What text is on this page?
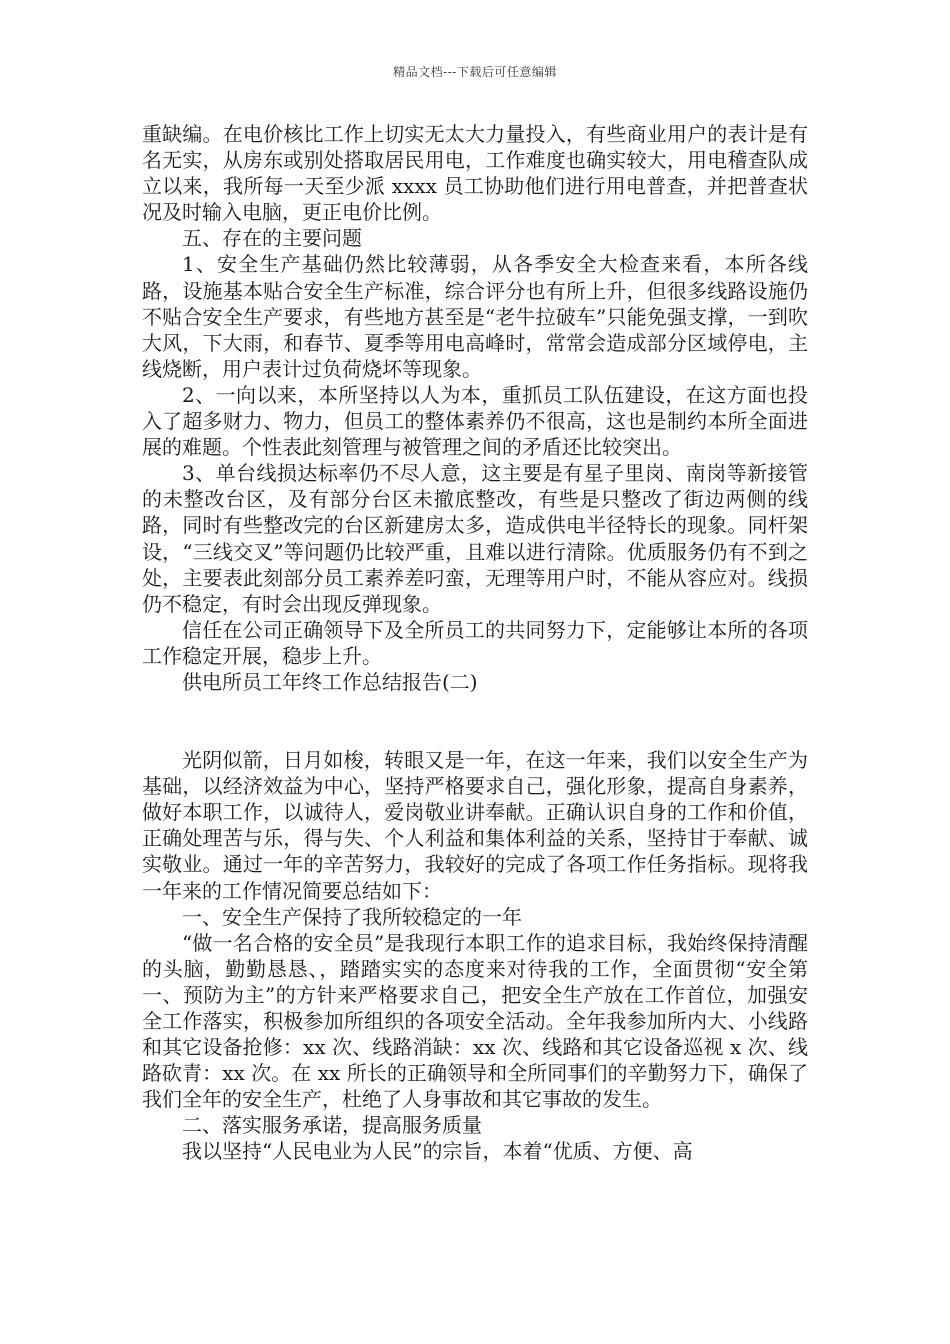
精品文档---下载后可任意编辑

重缺编。在电价核比工作上切实无太大力量投入，有些商业用户的表计是有名无实，从房东或别处搭取居民用电，工作难度也确实较大，用电稽查队成立以来，我所每一天至少派 xxxx 员工协助他们进行用电普查，并把普查状况及时输入电脑，更正电价比例。

五、存在的主要问题

1、安全生产基础仍然比较薄弱，从各季安全大检查来看，本所各线路，设施基本贴合安全生产标准，综合评分也有所上升，但很多线路设施仍不贴合安全生产要求，有些地方甚至是“老牛拉破车”只能免强支撑，一到吹大风，下大雨，和春节、夏季等用电高峰时，常常会造成部分区域停电，主线烧断，用户表计过负荷烧坏等现象。

2、一向以来，本所坚持以人为本，重抓员工队伍建设，在这方面也投入了超多财力、物力，但员工的整体素养仍不很高，这也是制约本所全面进展的难题。个性表此刻管理与被管理之间的矛盾还比较突出。

3、单台线损达标率仍不尽人意，这主要是有星子里岗、南岗等新接管的未整改台区，及有部分台区未撤底整改，有些是只整改了街边两侧的线路，同时有些整改完的台区新建房太多，造成供电半径特长的现象。同杆架设，“三线交叉”等问题仍比较严重，且难以进行清除。优质服务仍有不到之处，主要表此刻部分员工素养差叼蛮，无理等用户时，不能从容应对。线损仍不稳定，有时会出现反弹现象。

信任在公司正确领导下及全所员工的共同努力下，定能够让本所的各项工作稳定开展，稳步上升。

供电所员工年终工作总结报告(二)

光阴似箭，日月如梭，转眼又是一年，在这一年来，我们以安全生产为基础，以经济效益为中心，坚持严格要求自己，强化形象，提高自身素养，做好本职工作，以诚待人，爱岗敬业讲奉献。正确认识自身的工作和价值，正确处理苦与乐，得与失、个人利益和集体利益的关系，坚持甘于奉献、诚实敬业。通过一年的辛苦努力，我较好的完成了各项工作任务指标。现将我一年来的工作情况简要总结如下：

一、安全生产保持了我所较稳定的一年

“做一名合格的安全员”是我现行本职工作的追求目标，我始终保持清醒的头脑，勤勤恳恳、，踏踏实实的态度来对待我的工作，全面贯彻“安全第一、预防为主”的方针来严格要求自己，把安全生产放在工作首位，加强安全工作落实，积极参加所组织的各项安全活动。全年我参加所内大、小线路和其它设备抢修：xx 次、线路消缺：xx 次、线路和其它设备巡视 x 次、线路砍青：xx 次。在 xx 所长的正确领导和全所同事们的辛勤努力下，确保了我们全年的安全生产，杜绝了人身事故和其它事故的发生。

二、落实服务承诺，提高服务质量

我以坚持“人民电业为人民”的宗旨，本着“优质、方便、高
